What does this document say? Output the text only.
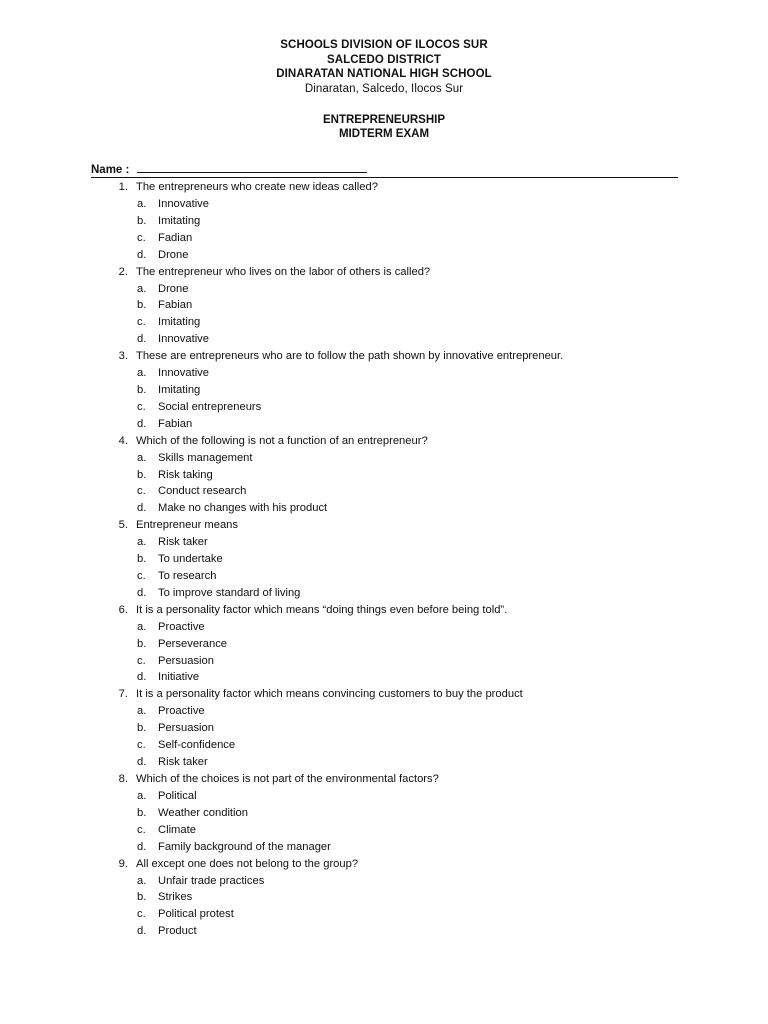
SCHOOLS DIVISION OF ILOCOS SUR
SALCEDO DISTRICT
DINARATAN NATIONAL HIGH SCHOOL
Dinaratan, Salcedo, Ilocos Sur
ENTREPRENEURSHIP
MIDTERM EXAM
Name :
1. The entrepreneurs who create new ideas called?
a. Innovative
b. Imitating
c. Fadian
d. Drone
2. The entrepreneur who lives on the labor of others is called?
a. Drone
b. Fabian
c. Imitating
d. Innovative
3. These are entrepreneurs who are to follow the path shown by innovative entrepreneur.
a. Innovative
b. Imitating
c. Social entrepreneurs
d. Fabian
4. Which of the following is not a function of an entrepreneur?
a. Skills management
b. Risk taking
c. Conduct research
d. Make no changes with his product
5. Entrepreneur means
a. Risk taker
b. To undertake
c. To research
d. To improve standard of living
6. It is a personality factor which means “doing things even before being told”.
a. Proactive
b. Perseverance
c. Persuasion
d. Initiative
7. It is a personality factor which means convincing customers to buy the product
a. Proactive
b. Persuasion
c. Self-confidence
d. Risk taker
8. Which of the choices is not part of the environmental factors?
a. Political
b. Weather condition
c. Climate
d. Family background of the manager
9. All except one does not belong to the group?
a. Unfair trade practices
b. Strikes
c. Political protest
d. Product
